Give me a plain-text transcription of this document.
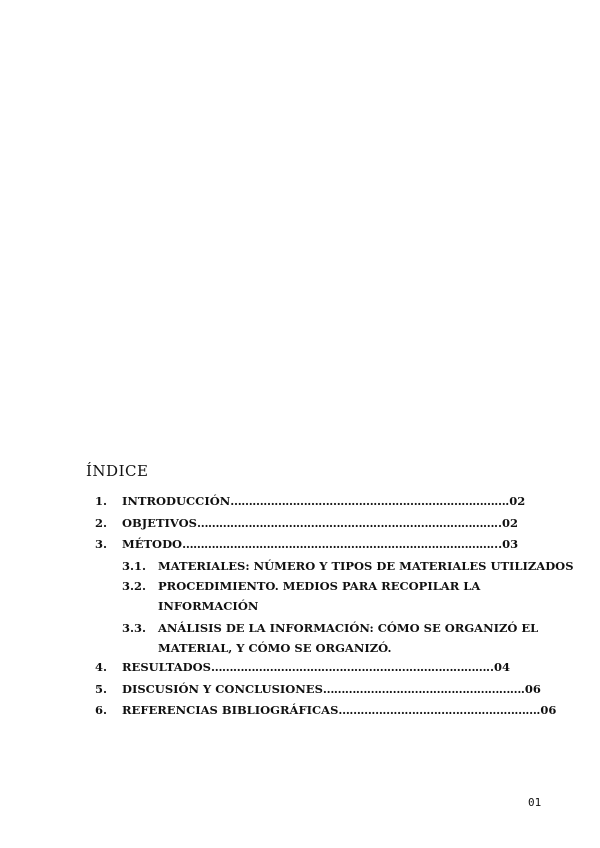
ÍNDICE
1. INTRODUCCIÓN………………………………………………………………….02
2. OBJETIVOS………………………………………………………………………..02
3. MÉTODO…………………………………………………………………………...03
3.1. MATERIALES: NÚMERO Y TIPOS DE MATERIALES UTILIZADOS
3.2. PROCEDIMIENTO. MEDIOS PARA RECOPILAR LA
INFORMACIÓN
3.3. ANÁLISIS DE LA INFORMACIÓN: CÓMO SE ORGANIZÓ EL
MATERIAL, Y CÓMO SE ORGANIZÓ.
4. RESULTADOS…………………………………………………………………..04
5. DISCUSIÓN Y CONCLUSIONES……………………………………………….06
6. REFERENCIAS BIBLIOGRÁFICAS……………………………………………….06
01
